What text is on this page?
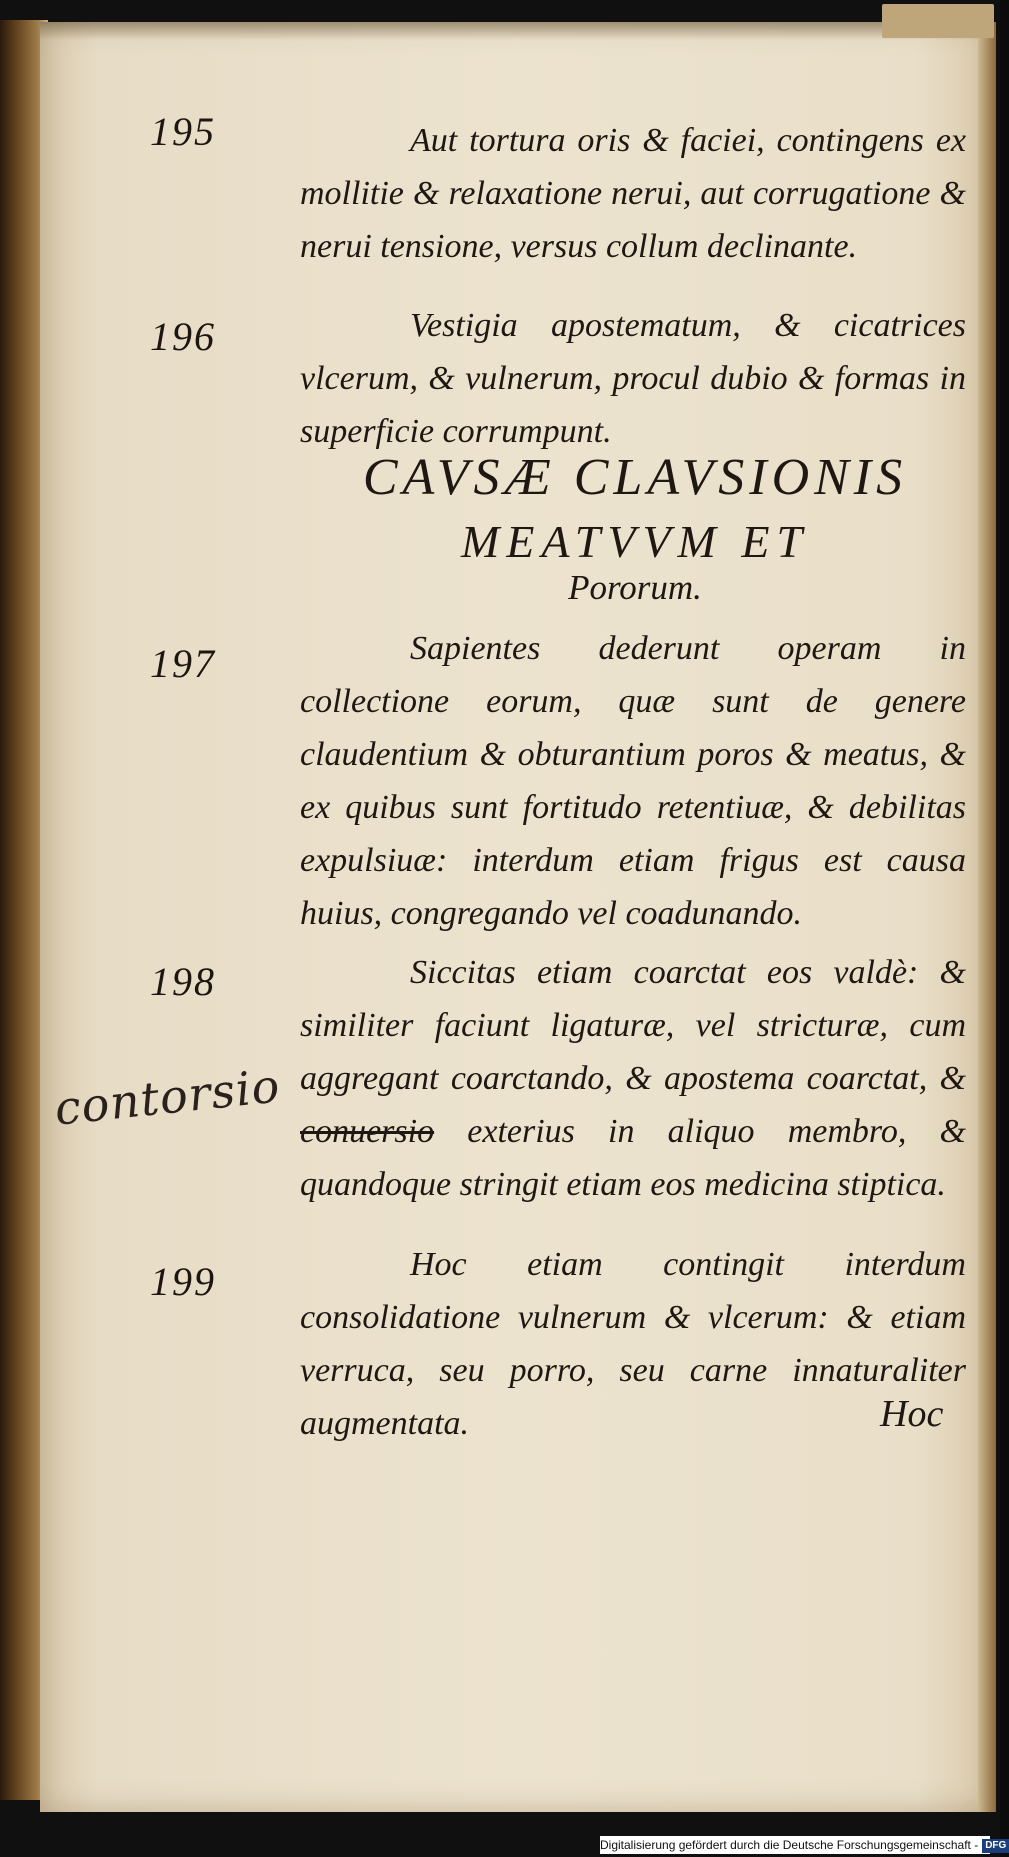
195	Aut tortura oris & faciei, contingens ex mollitie & relaxatione nerui, aut corrugatione & nerui tensione, versus collum declinante.

196	Vestigia apostematum, & cicatrices vlcerum, & vulnerum, procul dubio & formas in superficie corrumpunt.

CAVSÆ CLAVSIONIS
MEATVVM ET
Pororum.
197	Sapientes dederunt operam in collectione eorum, quæ sunt de genere claudentium & obturantium poros & meatus, & ex quibus sunt fortitudo retentiuæ, & debilitas expulsiuæ: interdum etiam frigus est causa huius, congregando vel coadunando.

198	Siccitas etiam coarctat eos valdè: & similiter faciunt ligaturæ, vel stricturæ, cum aggregant coarctando, & apostema coarctat, & conuersio exterius in aliquo membro, & quandoque stringit etiam eos medicina stiptica.

contorsio
199	Hoc etiam contingit interdum consolidatione vulnerum & vlcerum: & etiam verruca, seu porro, seu carne innaturaliter augmentata.	Hoc
Digitalisierung gefördert durch die Deutsche Forschungsgemeinschaft - DFG
